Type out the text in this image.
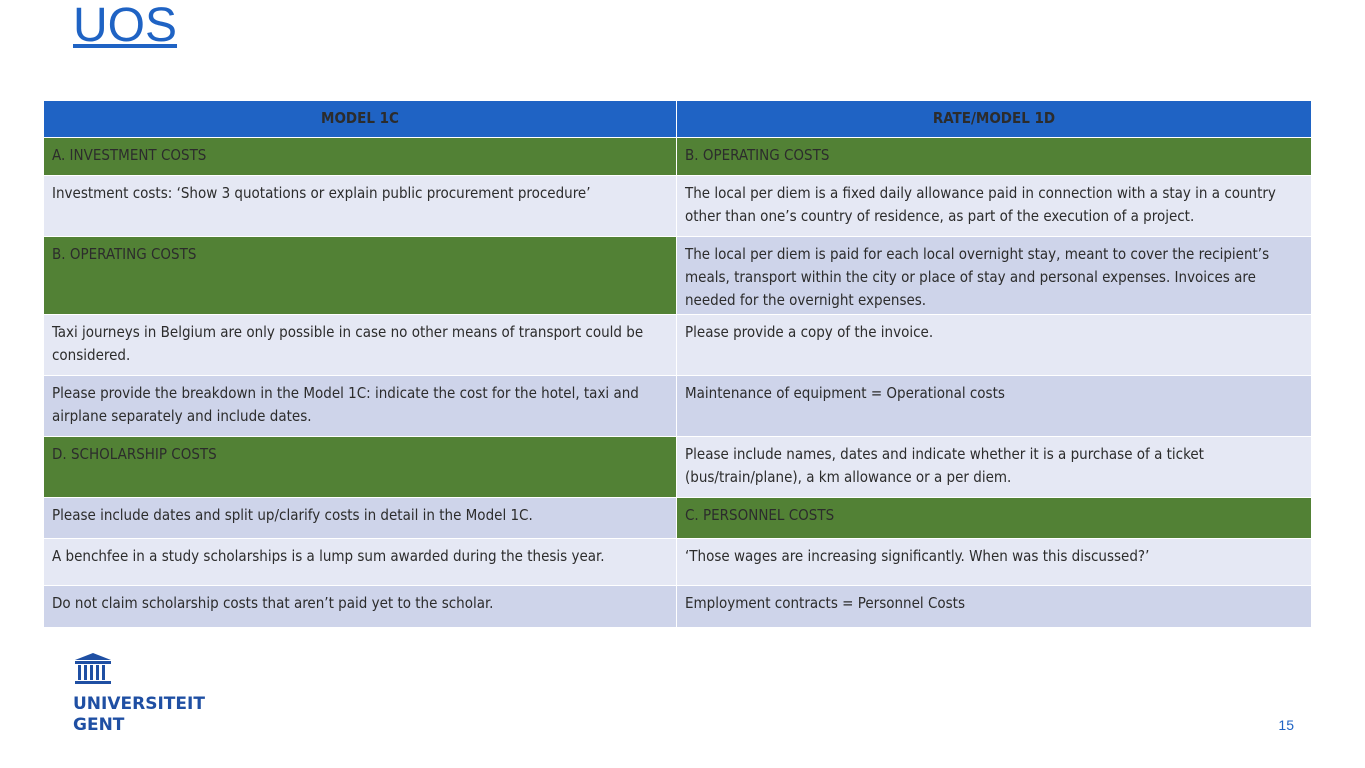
UOS
MODEL 1C	RATE/MODEL 1D
A. INVESTMENT COSTS	B. OPERATING COSTS
Investment costs: ‘Show 3 quotations or explain public procurement procedure’	The local per diem is a fixed daily allowance paid in connection with a stay in a country other than one’s country of residence, as part of the execution of a project.
B. OPERATING COSTS	The local per diem is paid for each local overnight stay, meant to cover the recipient’s meals, transport within the city or place of stay and personal expenses. Invoices are needed for the overnight expenses.
Taxi journeys in Belgium are only possible in case no other means of transport could be considered.	Please provide a copy of the invoice.
Please provide the breakdown in the Model 1C: indicate the cost for the hotel, taxi and airplane separately and include dates.	Maintenance of equipment = Operational costs
D. SCHOLARSHIP COSTS	Please include names, dates and indicate whether it is a purchase of a ticket (bus/train/plane), a km allowance or a per diem.
Please include dates and split up/clarify costs in detail in the Model 1C.	C. PERSONNEL COSTS
A benchfee in a study scholarships is a lump sum awarded during the thesis year.	‘Those wages are increasing significantly. When was this discussed?’
Do not claim scholarship costs that aren’t paid yet to the scholar.	Employment contracts = Personnel Costs
UNIVERSITEIT
GENT	15
